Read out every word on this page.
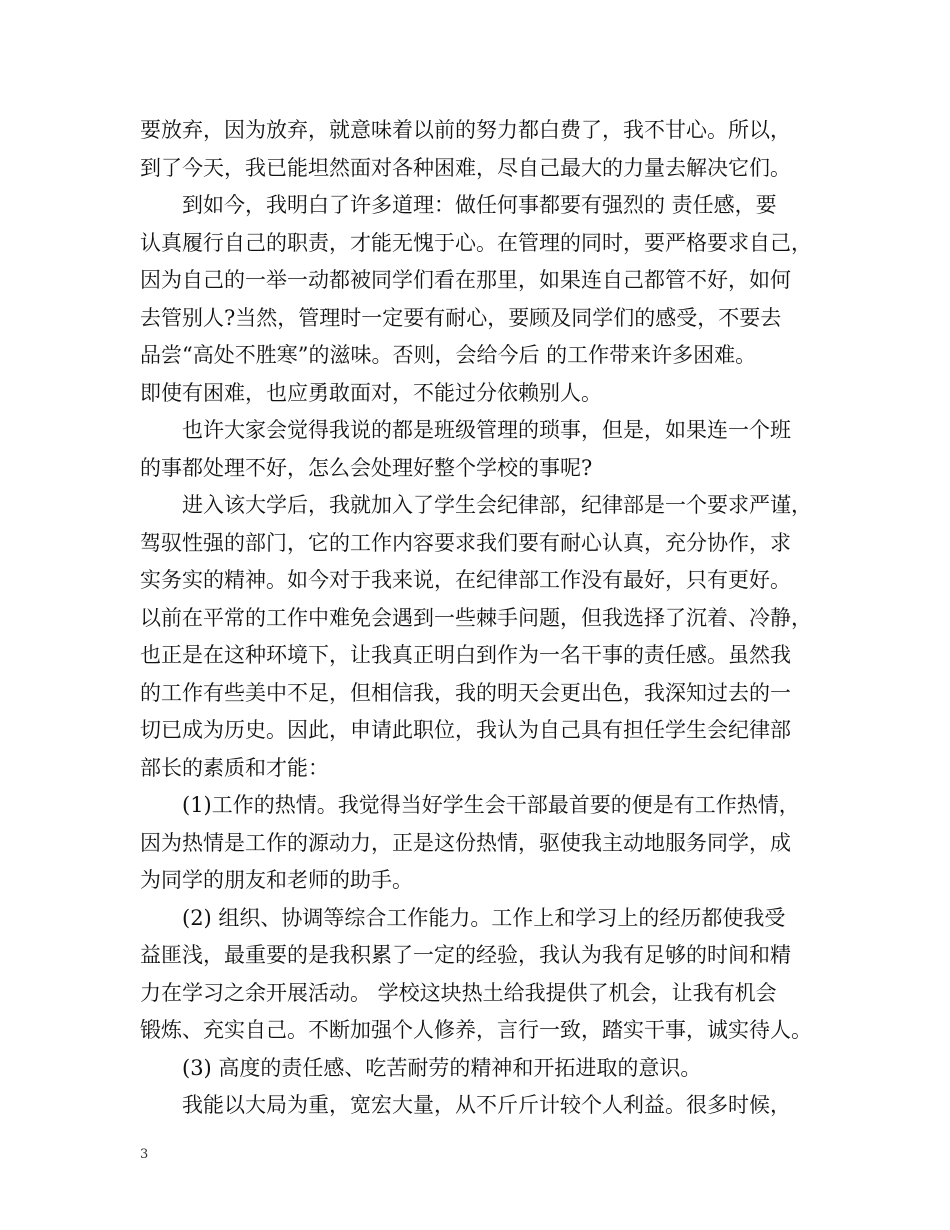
要放弃，因为放弃，就意味着以前的努力都白费了，我不甘心。所以，
到了今天，我已能坦然面对各种困难，尽自己最大的力量去解决它们。
到如今，我明白了许多道理：做任何事都要有强烈的 责任感，要
认真履行自己的职责，才能无愧于心。在管理的同时，要严格要求自己，
因为自己的一举一动都被同学们看在那里，如果连自己都管不好，如何
去管别人?当然，管理时一定要有耐心，要顾及同学们的感受，不要去
品尝“高处不胜寒”的滋味。否则，会给今后 的工作带来许多困难。
即使有困难，也应勇敢面对，不能过分依赖别人。
也许大家会觉得我说的都是班级管理的琐事，但是，如果连一个班
的事都处理不好，怎么会处理好整个学校的事呢?
进入该大学后，我就加入了学生会纪律部，纪律部是一个要求严谨，
驾驭性强的部门，它的工作内容要求我们要有耐心认真，充分协作，求
实务实的精神。如今对于我来说，在纪律部工作没有最好，只有更好。
以前在平常的工作中难免会遇到一些棘手问题，但我选择了沉着、冷静，
也正是在这种环境下，让我真正明白到作为一名干事的责任感。虽然我
的工作有些美中不足，但相信我，我的明天会更出色，我深知过去的一
切已成为历史。因此，申请此职位，我认为自己具有担任学生会纪律部
部长的素质和才能：
(1)工作的热情。我觉得当好学生会干部最首要的便是有工作热情，
因为热情是工作的源动力，正是这份热情，驱使我主动地服务同学，成
为同学的朋友和老师的助手。
(2) 组织、协调等综合工作能力。工作上和学习上的经历都使我受
益匪浅，最重要的是我积累了一定的经验，我认为我有足够的时间和精
力在学习之余开展活动。 学校这块热土给我提供了机会，让我有机会
锻炼、充实自己。不断加强个人修养，言行一致，踏实干事，诚实待人。
(3) 高度的责任感、吃苦耐劳的精神和开拓进取的意识。
我能以大局为重，宽宏大量，从不斤斤计较个人利益。很多时候，
3
